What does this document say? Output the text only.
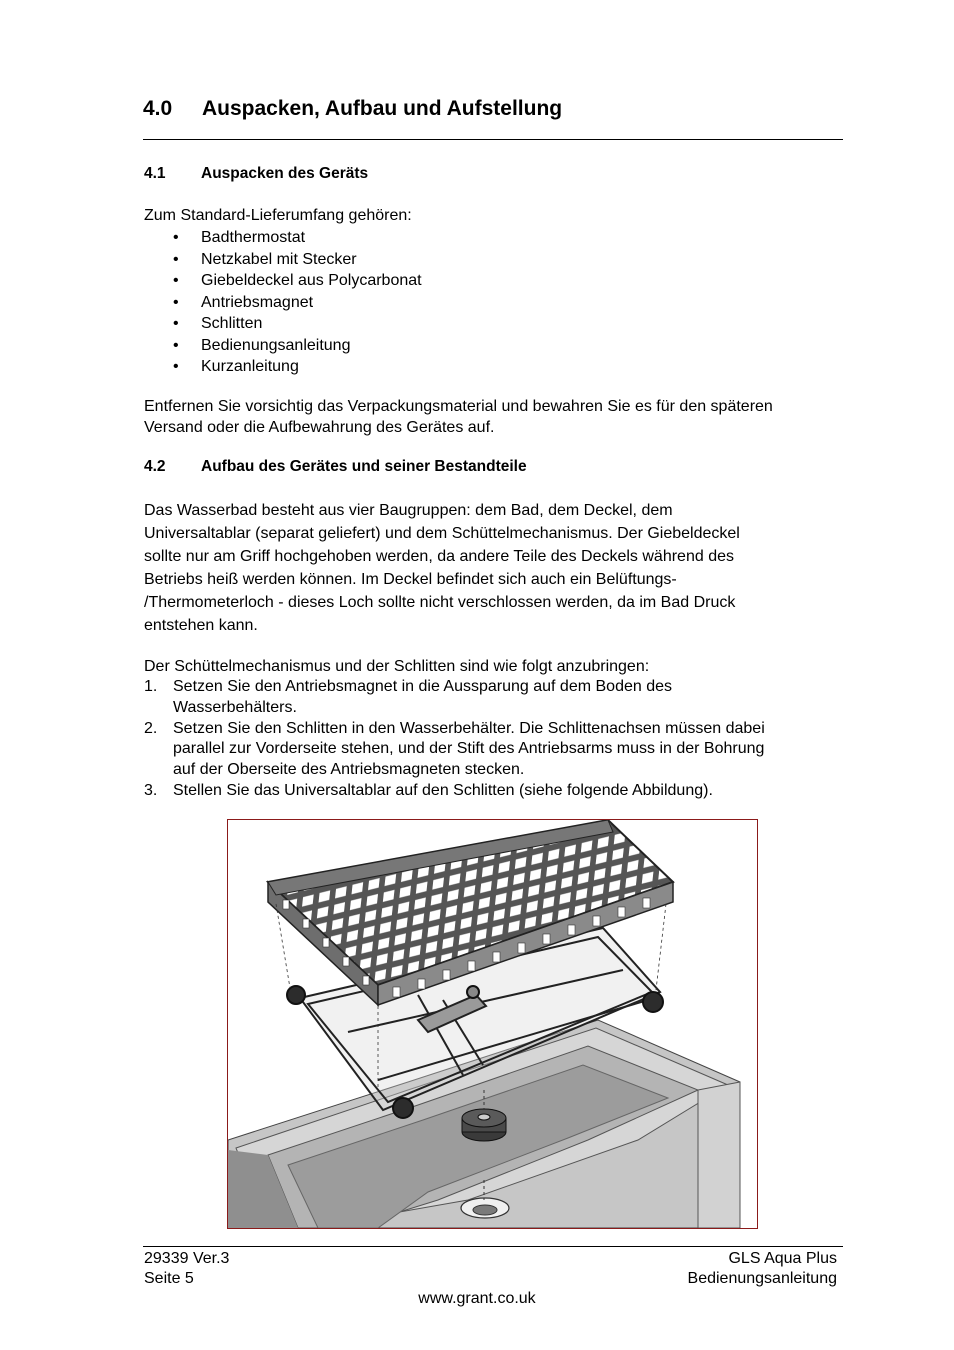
4.0 Auspacken, Aufbau und Aufstellung
4.1 Auspacken des Geräts
Zum Standard-Lieferumfang gehören:
• Badthermostat
• Netzkabel mit Stecker
• Giebeldeckel aus Polycarbonat
• Antriebsmagnet
• Schlitten
• Bedienungsanleitung
• Kurzanleitung
Entfernen Sie vorsichtig das Verpackungsmaterial und bewahren Sie es für den späteren
Versand oder die Aufbewahrung des Gerätes auf.
4.2 Aufbau des Gerätes und seiner Bestandteile
Das Wasserbad besteht aus vier Baugruppen: dem Bad, dem Deckel, dem
Universaltablar (separat geliefert) und dem Schüttelmechanismus. Der Giebeldeckel
sollte nur am Griff hochgehoben werden, da andere Teile des Deckels während des
Betriebs heiß werden können. Im Deckel befindet sich auch ein Belüftungs-
/Thermometerloch - dieses Loch sollte nicht verschlossen werden, da im Bad Druck
entstehen kann.
Der Schüttelmechanismus und der Schlitten sind wie folgt anzubringen:
1. Setzen Sie den Antriebsmagnet in die Aussparung auf dem Boden des
Wasserbehälters.
2. Setzen Sie den Schlitten in den Wasserbehälter. Die Schlittenachsen müssen dabei
parallel zur Vorderseite stehen, und der Stift des Antriebsarms muss in der Bohrung
auf der Oberseite des Antriebsmagneten stecken.
3. Stellen Sie das Universaltablar auf den Schlitten (siehe folgende Abbildung).
29339 Ver.3
Seite 5
GLS Aqua Plus
Bedienungsanleitung
www.grant.co.uk
